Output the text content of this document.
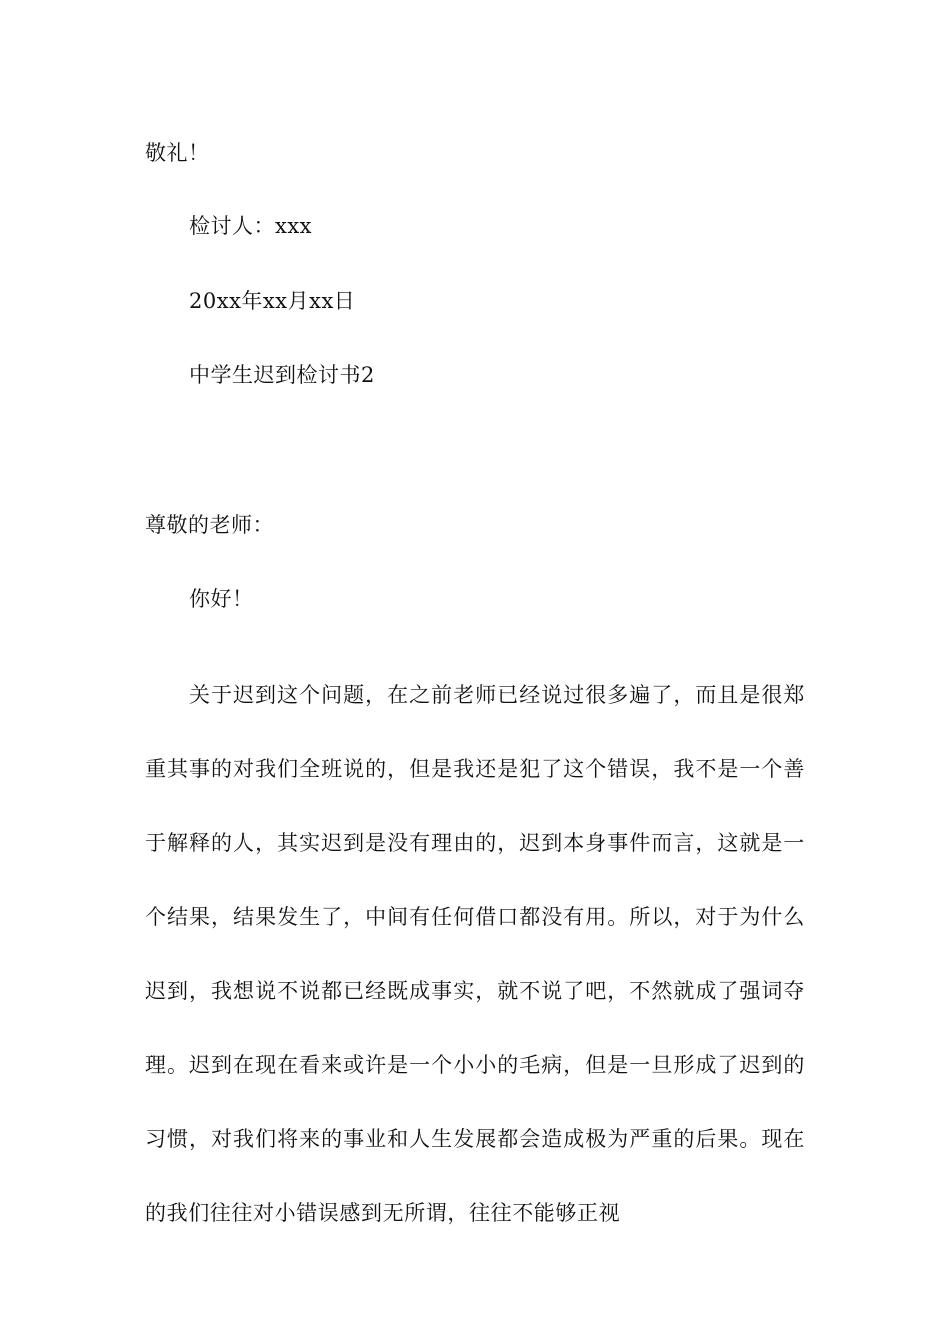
敬礼！
检讨人：xxx
20xx年xx月xx日
中学生迟到检讨书2
尊敬的老师：
你好！
关于迟到这个问题，在之前老师已经说过很多遍了，而且是很郑重其事的对我们全班说的，但是我还是犯了这个错误，我不是一个善于解释的人，其实迟到是没有理由的，迟到本身事件而言，这就是一个结果，结果发生了，中间有任何借口都没有用。所以，对于为什么迟到，我想说不说都已经既成事实，就不说了吧，不然就成了强词夺理。迟到在现在看来或许是一个小小的毛病，但是一旦形成了迟到的习惯，对我们将来的事业和人生发展都会造成极为严重的后果。现在的我们往往对小错误感到无所谓，往往不能够正视
